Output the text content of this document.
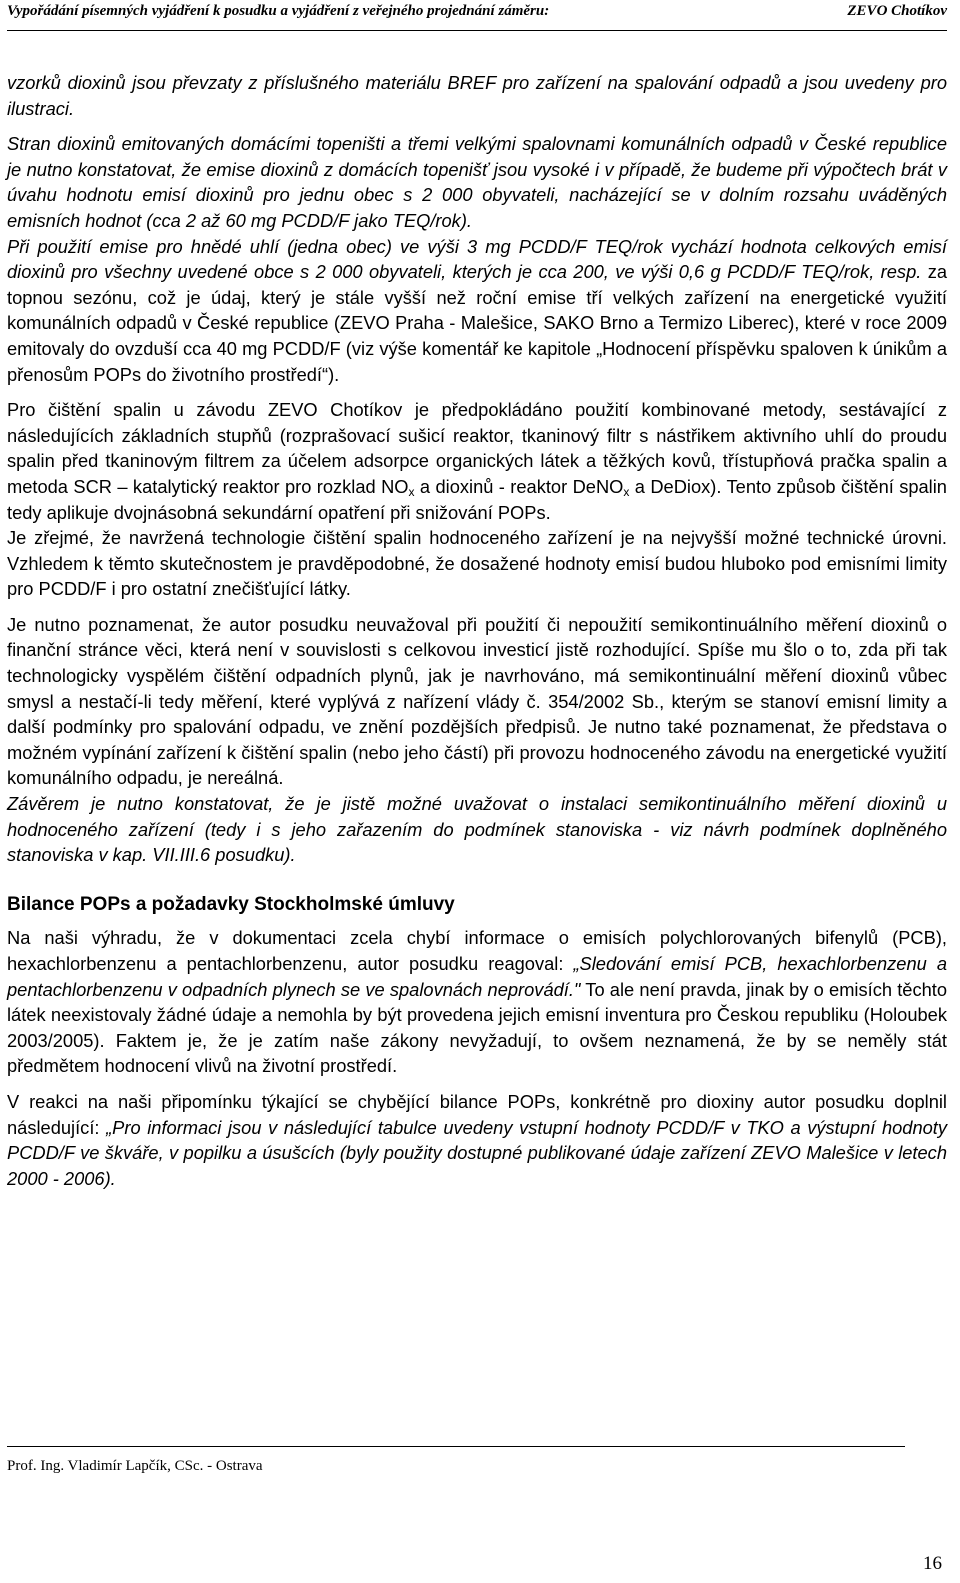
Vypořádání písemných vyjádření k posudku a vyjádření z veřejného projednání záměru:	ZEVO Chotíkov

vzorků dioxinů jsou převzaty z příslušného materiálu BREF pro zařízení na spalování odpadů a jsou uvedeny pro ilustraci.

Stran dioxinů emitovaných domácími topeništi a třemi velkými spalovnami komunálních odpadů v České republice je nutno konstatovat, že emise dioxinů z domácích topenišť jsou vysoké i v případě, že budeme při výpočtech brát v úvahu hodnotu emisí dioxinů pro jednu obec s 2 000 obyvateli, nacházející se v dolním rozsahu uváděných emisních hodnot (cca 2 až 60 mg PCDD/F jako TEQ/rok).

Při použití emise pro hnědé uhlí (jedna obec) ve výši 3 mg PCDD/F TEQ/rok vychází hodnota celkových emisí dioxinů pro všechny uvedené obce s 2 000 obyvateli, kterých je cca 200, ve výši 0,6 g PCDD/F TEQ/rok, resp. za topnou sezónu, což je údaj, který je stále vyšší než roční emise tří velkých zařízení na energetické využití komunálních odpadů v České republice (ZEVO Praha - Malešice, SAKO Brno a Termizo Liberec), které v roce 2009 emitovaly do ovzduší cca 40 mg PCDD/F (viz výše komentář ke kapitole „Hodnocení příspěvku spaloven k únikům a přenosům POPs do životního prostředí“).

Pro čištění spalin u závodu ZEVO Chotíkov je předpokládáno použití kombinované metody, sestávající z následujících základních stupňů (rozprašovací sušicí reaktor, tkaninový filtr s nástřikem aktivního uhlí do proudu spalin před tkaninovým filtrem za účelem adsorpce organických látek a těžkých kovů, třístupňová pračka spalin a metoda SCR – katalytický reaktor pro rozklad $NO_x$ a dioxinů - reaktor DeNO$_x$ a DeDiox). Tento způsob čištění spalin tedy aplikuje dvojnásobná sekundární opatření při snižování POPs.

Je zřejmé, že navržená technologie čištění spalin hodnoceného zařízení je na nejvyšší možné technické úrovni. Vzhledem k těmto skutečnostem je pravděpodobné, že dosažené hodnoty emisí budou hluboko pod emisními limity pro PCDD/F i pro ostatní znečišťující látky.

Je nutno poznamenat, že autor posudku neuvažoval při použití či nepoužití semikontinuálního měření dioxinů o finanční stránce věci, která není v souvislosti s celkovou investicí jistě rozhodující. Spíše mu šlo o to, zda při tak technologicky vyspělém čištění odpadních plynů, jak je navrhováno, má semikontinuální měření dioxinů vůbec smysl a nestačí-li tedy měření, které vyplývá z nařízení vlády č. 354/2002 Sb., kterým se stanoví emisní limity a další podmínky pro spalování odpadu, ve znění pozdějších předpisů. Je nutno také poznamenat, že představa o možném vypínání zařízení k čištění spalin (nebo jeho částí) při provozu hodnoceného závodu na energetické využití komunálního odpadu, je nereálná.

Závěrem je nutno konstatovat, že je jistě možné uvažovat o instalaci semikontinuálního měření dioxinů u hodnoceného zařízení (tedy i s jeho zařazením do podmínek stanoviska - viz návrh podmínek doplněného stanoviska v kap. VII.III.6 posudku).

Bilance POPs a požadavky Stockholmské úmluvy

Na naši výhradu, že v dokumentaci zcela chybí informace o emisích polychlorovaných bifenylů (PCB), hexachlorbenzenu a pentachlorbenzenu, autor posudku reagoval: „Sledování emisí PCB, hexachlorbenzenu a pentachlorbenzenu v odpadních plynech se ve spalovnách neprovádí." To ale není pravda, jinak by o emisích těchto látek neexistovaly žádné údaje a nemohla by být provedena jejich emisní inventura pro Českou republiku (Holoubek 2003/2005). Faktem je, že je zatím naše zákony nevyžadují, to ovšem neznamená, že by se neměly stát předmětem hodnocení vlivů na životní prostředí.

V reakci na naši připomínku týkající se chybějící bilance POPs, konkrétně pro dioxiny autor posudku doplnil následující: „Pro informaci jsou v následující tabulce uvedeny vstupní hodnoty PCDD/F v TKO a výstupní hodnoty PCDD/F ve škváře, v popilku a úsušcích (byly použity dostupné publikované údaje zařízení ZEVO Malešice v letech 2000 - 2006).

Prof. Ing. Vladimír Lapčík, CSc. - Ostrava
16
